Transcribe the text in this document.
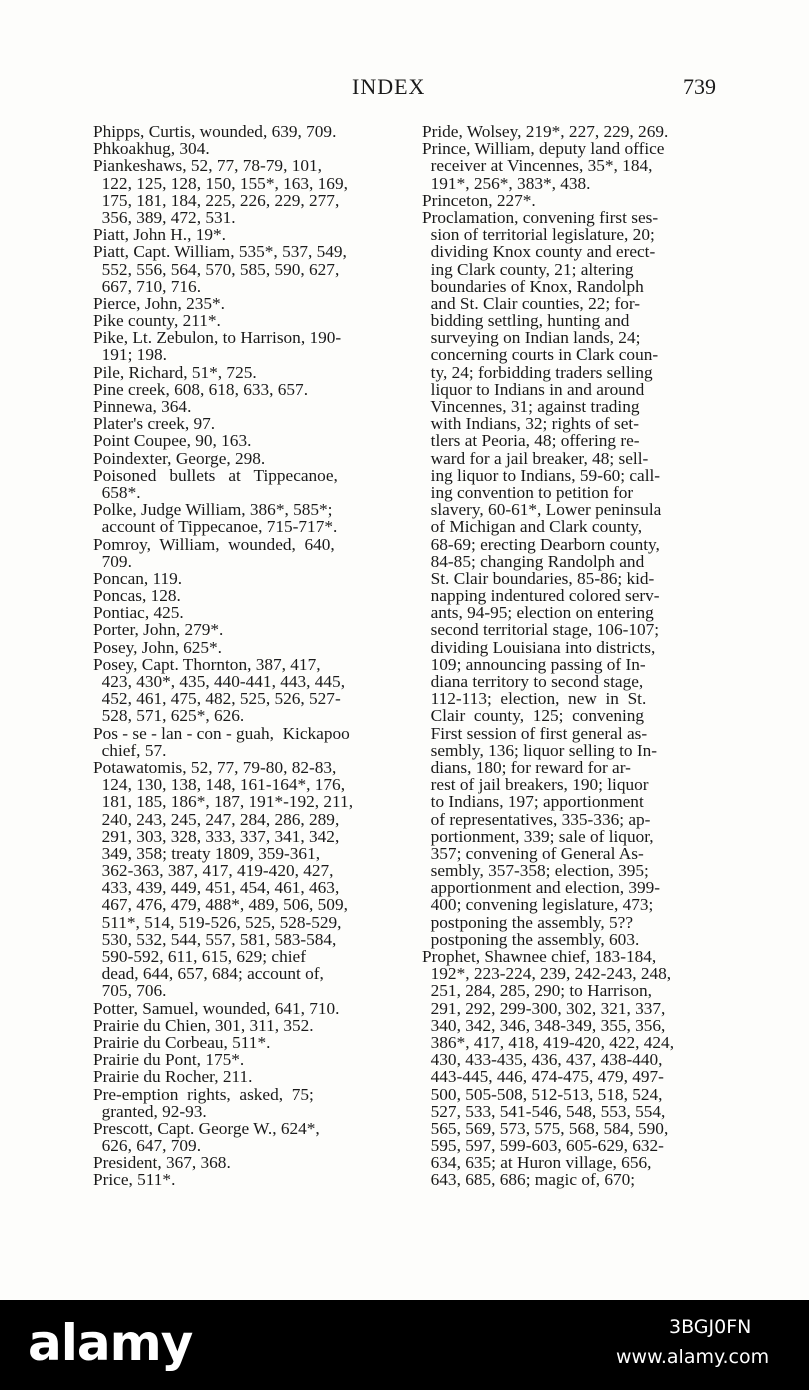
INDEX	739
Phipps, Curtis, wounded, 639, 709.
Phkoakhug, 304.
Piankeshaws, 52, 77, 78-79, 101,
122, 125, 128, 150, 155*, 163, 169,
175, 181, 184, 225, 226, 229, 277,
356, 389, 472, 531.
Piatt, John H., 19*.
Piatt, Capt. William, 535*, 537, 549,
552, 556, 564, 570, 585, 590, 627,
667, 710, 716.
Pierce, John, 235*.
Pike county, 211*.
Pike, Lt. Zebulon, to Harrison, 190-
191; 198.
Pile, Richard, 51*, 725.
Pine creek, 608, 618, 633, 657.
Pinnewa, 364.
Plater's creek, 97.
Point Coupee, 90, 163.
Poindexter, George, 298.
Poisoned   bullets   at   Tippecanoe,
658*.
Polke, Judge William, 386*, 585*;
account of Tippecanoe, 715-717*.
Pomroy,  William,  wounded,  640,
709.
Poncan, 119.
Poncas, 128.
Pontiac, 425.
Porter, John, 279*.
Posey, John, 625*.
Posey, Capt. Thornton, 387, 417,
423, 430*, 435, 440-441, 443, 445,
452, 461, 475, 482, 525, 526, 527-
528, 571, 625*, 626.
Pos - se - lan - con - guah,  Kickapoo
chief, 57.
Potawatomis, 52, 77, 79-80, 82-83,
124, 130, 138, 148, 161-164*, 176,
181, 185, 186*, 187, 191*-192, 211,
240, 243, 245, 247, 284, 286, 289,
291, 303, 328, 333, 337, 341, 342,
349, 358; treaty 1809, 359-361,
362-363, 387, 417, 419-420, 427,
433, 439, 449, 451, 454, 461, 463,
467, 476, 479, 488*, 489, 506, 509,
511*, 514, 519-526, 525, 528-529,
530, 532, 544, 557, 581, 583-584,
590-592, 611, 615, 629; chief
dead, 644, 657, 684; account of,
705, 706.
Potter, Samuel, wounded, 641, 710.
Prairie du Chien, 301, 311, 352.
Prairie du Corbeau, 511*.
Prairie du Pont, 175*.
Prairie du Rocher, 211.
Pre-emption  rights,  asked,  75;
granted, 92-93.
Prescott, Capt. George W., 624*,
626, 647, 709.
President, 367, 368.
Price, 511*.
Pride, Wolsey, 219*, 227, 229, 269.
Prince, William, deputy land office
receiver at Vincennes, 35*, 184,
191*, 256*, 383*, 438.
Princeton, 227*.
Proclamation, convening first ses-
sion of territorial legislature, 20;
dividing Knox county and erect-
ing Clark county, 21; altering
boundaries of Knox, Randolph
and St. Clair counties, 22; for-
bidding settling, hunting and
surveying on Indian lands, 24;
concerning courts in Clark coun-
ty, 24; forbidding traders selling
liquor to Indians in and around
Vincennes, 31; against trading
with Indians, 32; rights of set-
tlers at Peoria, 48; offering re-
ward for a jail breaker, 48; sell-
ing liquor to Indians, 59-60; call-
ing convention to petition for
slavery, 60-61*, Lower peninsula
of Michigan and Clark county,
68-69; erecting Dearborn county,
84-85; changing Randolph and
St. Clair boundaries, 85-86; kid-
napping indentured colored serv-
ants, 94-95; election on entering
second territorial stage, 106-107;
dividing Louisiana into districts,
109; announcing passing of In-
diana territory to second stage,
112-113;  election,  new  in  St.
Clair  county,  125;  convening
First session of first general as-
sembly, 136; liquor selling to In-
dians, 180; for reward for ar-
rest of jail breakers, 190; liquor
to Indians, 197; apportionment
of representatives, 335-336; ap-
portionment, 339; sale of liquor,
357; convening of General As-
sembly, 357-358; election, 395;
apportionment and election, 399-
400; convening legislature, 473;
postponing the assembly, 5??
postponing the assembly, 603.
Prophet, Shawnee chief, 183-184,
192*, 223-224, 239, 242-243, 248,
251, 284, 285, 290; to Harrison,
291, 292, 299-300, 302, 321, 337,
340, 342, 346, 348-349, 355, 356,
386*, 417, 418, 419-420, 422, 424,
430, 433-435, 436, 437, 438-440,
443-445, 446, 474-475, 479, 497-
500, 505-508, 512-513, 518, 524,
527, 533, 541-546, 548, 553, 554,
565, 569, 573, 575, 568, 584, 590,
595, 597, 599-603, 605-629, 632-
634, 635; at Huron village, 656,
643, 685, 686; magic of, 670;
alamy	3BGJ0FN
www.alamy.com
